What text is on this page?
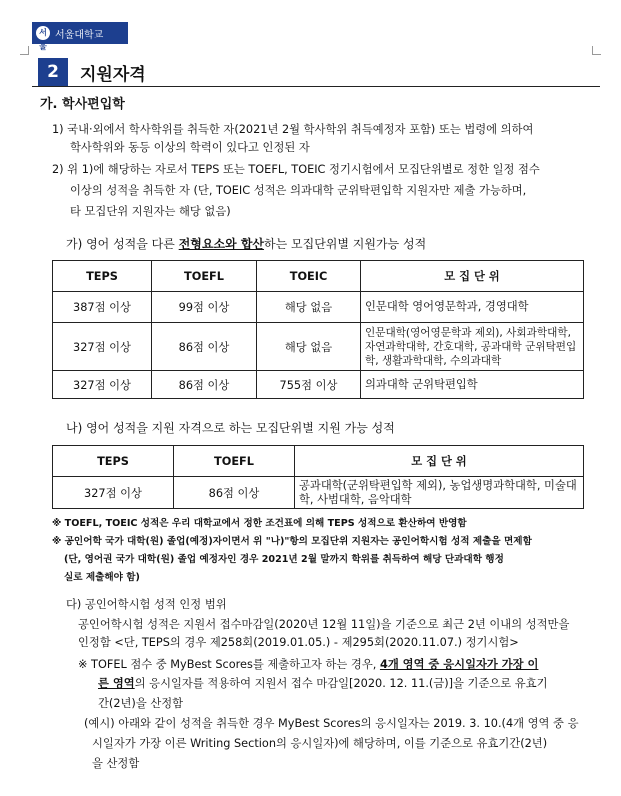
서울
서울대학교
2	지원자격
가. 학사편입학
1) 국내·외에서 학사학위를 취득한 자(2021년 2월 학사학위 취득예정자 포함) 또는 법령에 의하여
학사학위와 동등 이상의 학력이 있다고 인정된 자
2) 위 1)에 해당하는 자로서 TEPS 또는 TOEFL, TOEIC 정기시험에서 모집단위별로 정한 일정 점수
이상의 성적을 취득한 자 (단, TOEIC 성적은 의과대학 군위탁편입학 지원자만 제출 가능하며,
타 모집단위 지원자는 해당 없음)
가) 영어 성적을 다른 전형요소와 합산하는 모집단위별 지원가능 성적
TEPS	TOEFL	TOEIC	모 집 단 위
387점 이상	99점 이상	해당 없음	인문대학 영어영문학과, 경영대학
327점 이상	86점 이상	해당 없음	인문대학(영어영문학과 제외), 사회과학대학, 자연과학대학, 간호대학, 공과대학 군위탁편입학, 생활과학대학, 수의과대학
327점 이상	86점 이상	755점 이상	의과대학 군위탁편입학
나) 영어 성적을 지원 자격으로 하는 모집단위별 지원 가능 성적
TEPS	TOEFL	모 집 단 위
327점 이상	86점 이상	공과대학(군위탁편입학 제외), 농업생명과학대학, 미술대학, 사범대학, 음악대학
※ TOEFL, TOEIC 성적은 우리 대학교에서 정한 조건표에 의해 TEPS 성적으로 환산하여 반영함
※ 공인어학 국가 대학(원) 졸업(예정)자이면서 위 "나)"항의 모집단위 지원자는 공인어학시험 성적 제출을 면제함
(단, 영어권 국가 대학(원) 졸업 예정자인 경우 2021년 2월 말까지 학위를 취득하여 해당 단과대학 행정
실로 제출해야 함)
다) 공인어학시험 성적 인정 범위
공인어학시험 성적은 지원서 접수마감일(2020년 12월 11일)을 기준으로 최근 2년 이내의 성적만을
인정함 <단, TEPS의 경우 제258회(2019.01.05.) - 제295회(2020.11.07.) 정기시험>
※ TOFEL 점수 중 MyBest Scores를 제출하고자 하는 경우, 4개 영역 중 응시일자가 가장 이
른 영역의 응시일자를 적용하여 지원서 접수 마감일[2020. 12. 11.(금)]을 기준으로 유효기
간(2년)을 산정함
(예시) 아래와 같이 성적을 취득한 경우 MyBest Scores의 응시일자는 2019. 3. 10.(4개 영역 중 응
시일자가 가장 이른 Writing Section의 응시일자)에 해당하며, 이를 기준으로 유효기간(2년)
을 산정함
